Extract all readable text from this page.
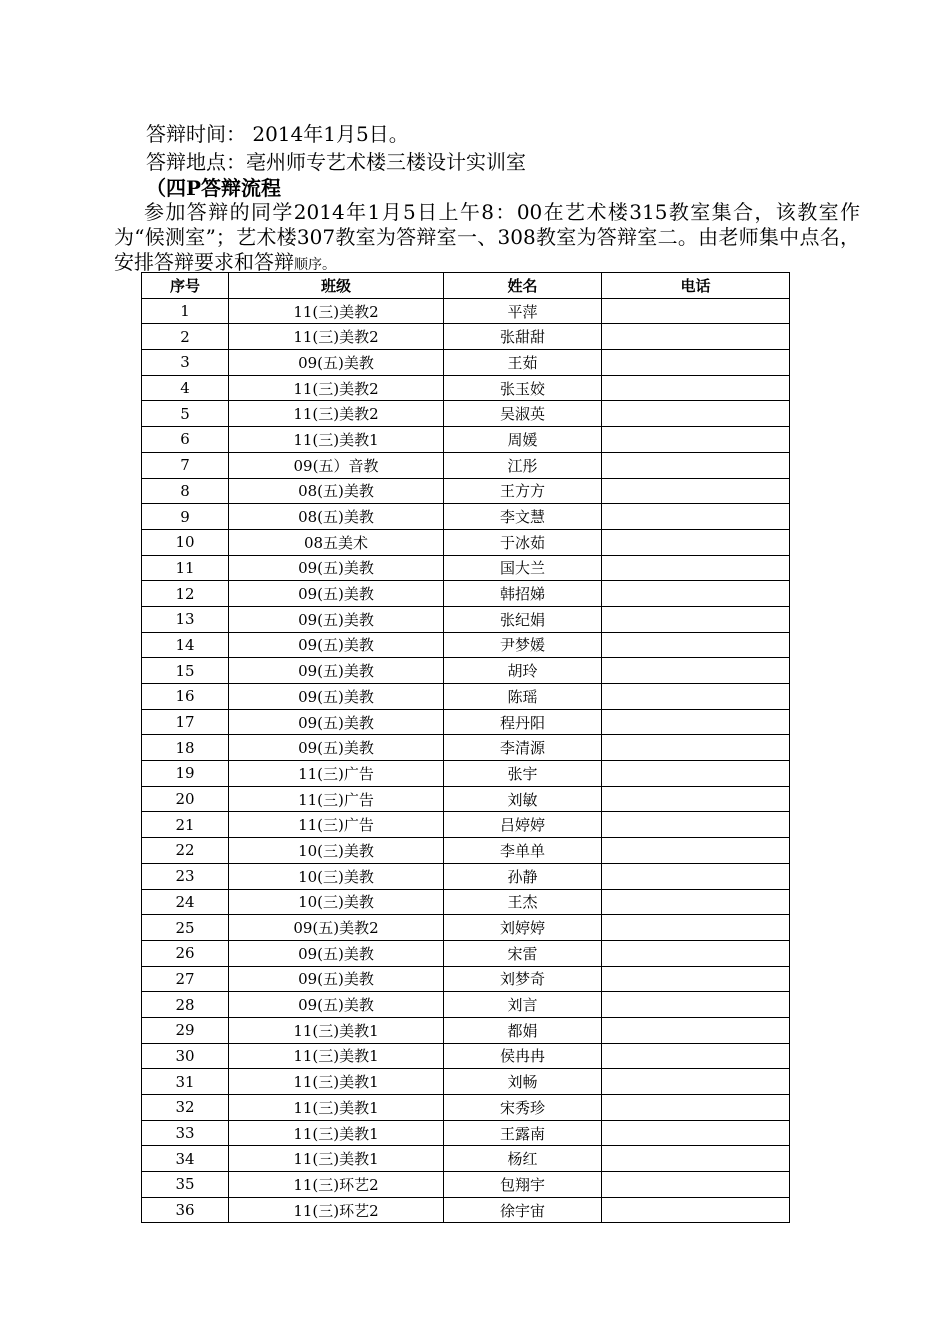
答辩时间： 2014年1月5日。
答辩地点：亳州师专艺术楼三楼设计实训室
（四P答辩流程
参加答辩的同学2014年1月5日上午8：00在艺术楼315教室集合，该教室作为“候测室”；艺术楼307教室为答辩室一、308教室为答辩室二。由老师集中点名，安排答辩要求和答辩顺序。
序号	班级	姓名	电话
1	11(三)美教2	平萍	
2	11(三)美教2	张甜甜	
3	09(五)美教	王茹	
4	11(三)美教2	张玉姣	
5	11(三)美教2	吴淑英	
6	11(三)美教1	周媛	
7	09(五）音教	江彤	
8	08(五)美教	王方方	
9	08(五)美教	李文慧	
10	08五美术	于冰茹	
11	09(五)美教	国大兰	
12	09(五)美教	韩招娣	
13	09(五)美教	张纪娟	
14	09(五)美教	尹梦媛	
15	09(五)美教	胡玲	
16	09(五)美教	陈瑶	
17	09(五)美教	程丹阳	
18	09(五)美教	李清源	
19	11(三)广告	张宇	
20	11(三)广告	刘敏	
21	11(三)广告	吕婷婷	
22	10(三)美教	李单单	
23	10(三)美教	孙静	
24	10(三)美教	王杰	
25	09(五)美教2	刘婷婷	
26	09(五)美教	宋雷	
27	09(五)美教	刘梦奇	
28	09(五)美教	刘言	
29	11(三)美教1	都娟	
30	11(三)美教1	侯冉冉	
31	11(三)美教1	刘畅	
32	11(三)美教1	宋秀珍	
33	11(三)美教1	王露南	
34	11(三)美教1	杨红	
35	11(三)环艺2	包翔宇	
36	11(三)环艺2	徐宇宙	
